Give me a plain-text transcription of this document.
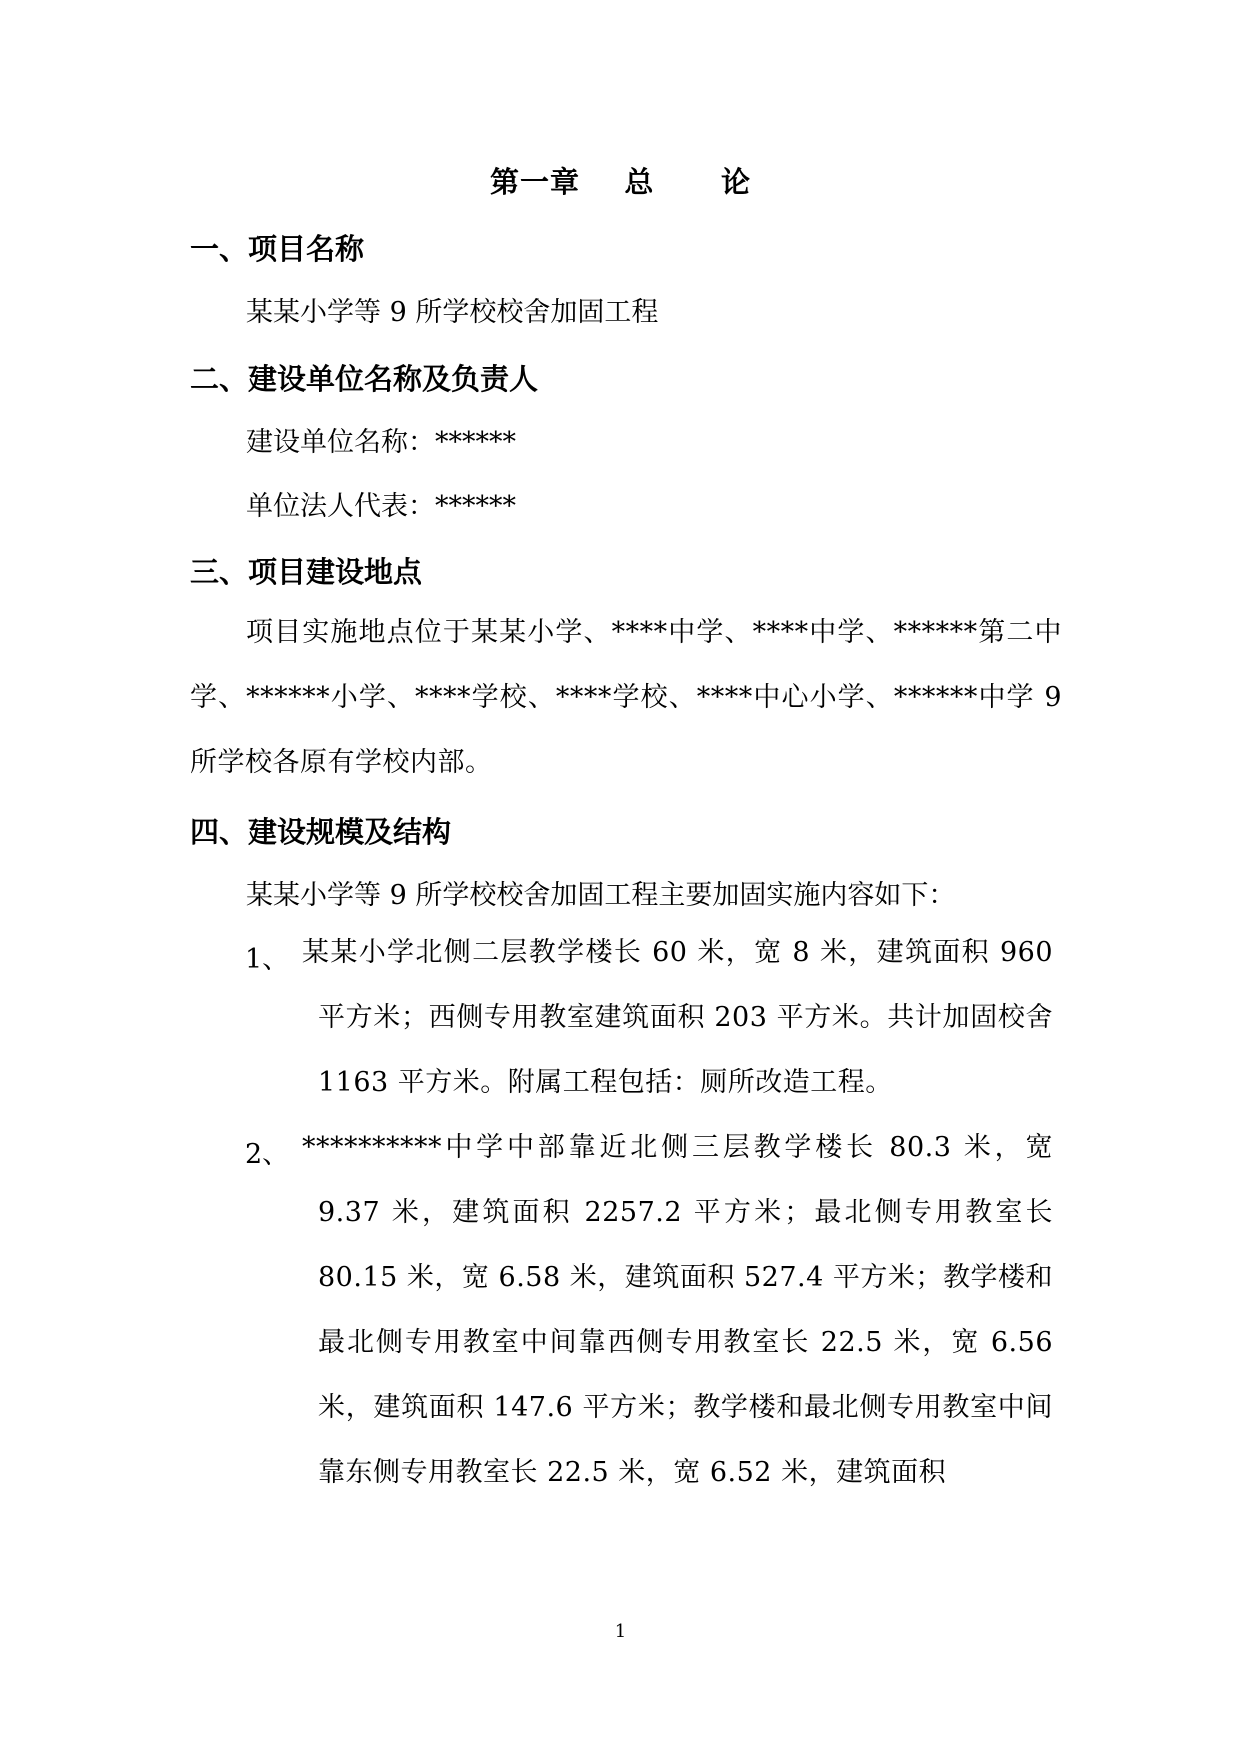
第一章 总 论
一、项目名称
某某小学等 9 所学校校舍加固工程
二、建设单位名称及负责人
建设单位名称：******
单位法人代表：******
三、项目建设地点
项目实施地点位于某某小学、****中学、****中学、******第二中学、******小学、****学校、****学校、****中心小学、******中学 9 所学校各原有学校内部。
四、建设规模及结构
某某小学等 9 所学校校舍加固工程主要加固实施内容如下：
1、 某某小学北侧二层教学楼长 60 米，宽 8 米，建筑面积 960 平方米；西侧专用教室建筑面积 203 平方米。共计加固校舍 1163 平方米。附属工程包括：厕所改造工程。
2、 **********中学中部靠近北侧三层教学楼长 80.3 米，宽 9.37 米，建筑面积 2257.2 平方米；最北侧专用教室长 80.15 米，宽 6.58 米，建筑面积 527.4 平方米；教学楼和最北侧专用教室中间靠西侧专用教室长 22.5 米，宽 6.56 米，建筑面积 147.6 平方米；教学楼和最北侧专用教室中间靠东侧专用教室长 22.5 米，宽 6.52 米，建筑面积
1
